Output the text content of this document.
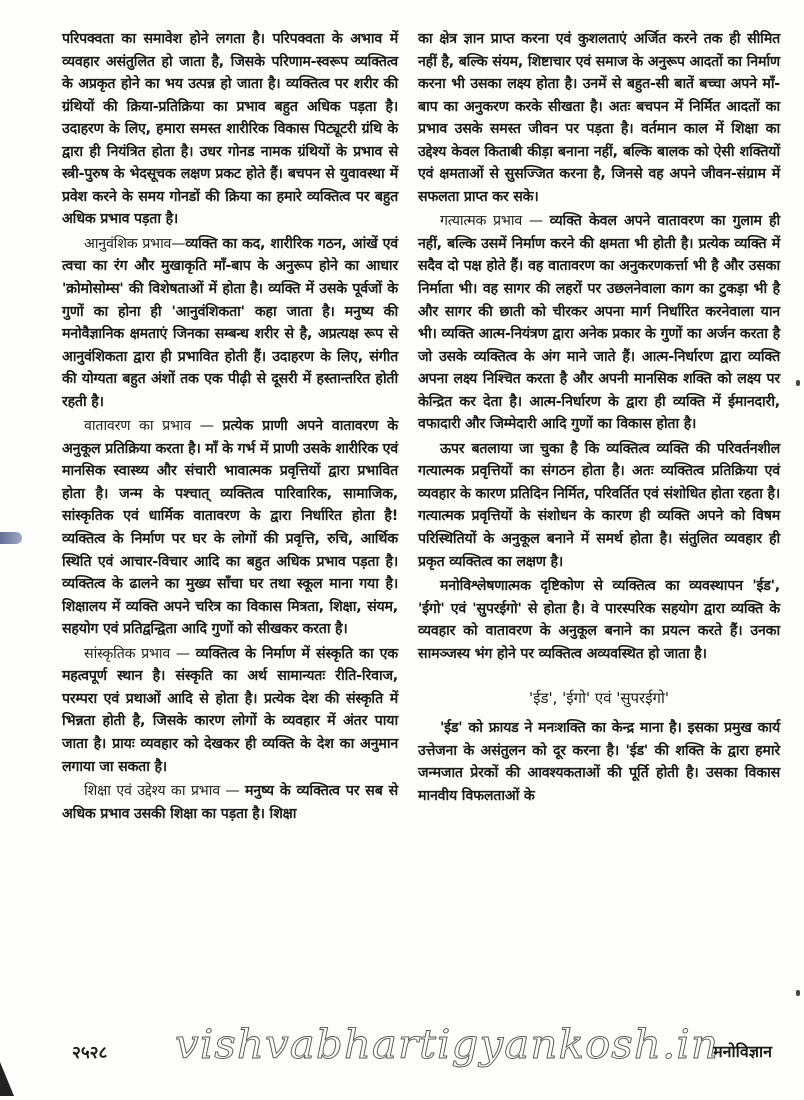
परिपक्वता का समावेश होने लगता है। परिपक्वता के अभाव में व्यवहार असंतुलित हो जाता है, जिसके परिणाम-स्वरूप व्यक्तित्व के अप्रकृत होने का भय उत्पन्न हो जाता है। व्यक्तित्व पर शरीर की ग्रंथियों की क्रिया-प्रतिक्रिया का प्रभाव बहुत अधिक पड़ता है। उदाहरण के लिए, हमारा समस्त शारीरिक विकास पिट्यूटरी ग्रंथि के द्वारा ही नियंत्रित होता है। उधर गोनड नामक ग्रंथियों के प्रभाव से स्त्री-पुरुष के भेदसूचक लक्षण प्रकट होते हैं। बचपन से युवावस्था में प्रवेश करने के समय गोनडों की क्रिया का हमारे व्यक्तित्व पर बहुत अधिक प्रभाव पड़ता है।

आनुवंशिक प्रभाव—व्यक्ति का कद, शारीरिक गठन, आंखें एवं त्वचा का रंग और मुखाकृति माँ-बाप के अनुरूप होने का आधार 'क्रोमोसोम्स' की विशेषताओं में होता है। व्यक्ति में उसके पूर्वजों के गुणों का होना ही 'आनुवंशिकता' कहा जाता है। मनुष्य की मनोवैज्ञानिक क्षमताएं जिनका सम्बन्ध शरीर से है, अप्रत्यक्ष रूप से आनुवंशिकता द्वारा ही प्रभावित होती हैं। उदाहरण के लिए, संगीत की योग्यता बहुत अंशों तक एक पीढ़ी से दूसरी में हस्तान्तरित होती रहती है।

वातावरण का प्रभाव — प्रत्येक प्राणी अपने वातावरण के अनुकूल प्रतिक्रिया करता है। माँ के गर्भ में प्राणी उसके शारीरिक एवं मानसिक स्वास्थ्य और संचारी भावात्मक प्रवृत्तियों द्वारा प्रभावित होता है। जन्म के पश्चात् व्यक्तित्व पारिवारिक, सामाजिक, सांस्कृतिक एवं धार्मिक वातावरण के द्वारा निर्धारित होता है! व्यक्तित्व के निर्माण पर घर के लोगों की प्रवृत्ति, रुचि, आर्थिक स्थिति एवं आचार-विचार आदि का बहुत अधिक प्रभाव पड़ता है। व्यक्तित्व के ढालने का मुख्य साँचा घर तथा स्कूल माना गया है। शिक्षालय में व्यक्ति अपने चरित्र का विकास मित्रता, शिक्षा, संयम, सहयोग एवं प्रतिद्वन्द्विता आदि गुणों को सीखकर करता है।

सांस्कृतिक प्रभाव — व्यक्तित्व के निर्माण में संस्कृति का एक महत्वपूर्ण स्थान है। संस्कृति का अर्थ सामान्यतः रीति-रिवाज, परम्परा एवं प्रथाओं आदि से होता है। प्रत्येक देश की संस्कृति में भिन्नता होती है, जिसके कारण लोगों के व्यवहार में अंतर पाया जाता है। प्रायः व्यवहार को देखकर ही व्यक्ति के देश का अनुमान लगाया जा सकता है।

शिक्षा एवं उद्देश्य का प्रभाव — मनुष्य के व्यक्तित्व पर सब से अधिक प्रभाव उसकी शिक्षा का पड़ता है। शिक्षा

का क्षेत्र ज्ञान प्राप्त करना एवं कुशलताएं अर्जित करने तक ही सीमित नहीं है, बल्कि संयम, शिष्टाचार एवं समाज के अनुरूप आदतों का निर्माण करना भी उसका लक्ष्य होता है। उनमें से बहुत-सी बातें बच्चा अपने माँ-बाप का अनुकरण करके सीखता है। अतः बचपन में निर्मित आदतों का प्रभाव उसके समस्त जीवन पर पड़ता है। वर्तमान काल में शिक्षा का उद्देश्य केवल किताबी कीड़ा बनाना नहीं, बल्कि बालक को ऐसी शक्तियों एवं क्षमताओं से सुसज्जित करना है, जिनसे वह अपने जीवन-संग्राम में सफलता प्राप्त कर सके।

गत्यात्मक प्रभाव — व्यक्ति केवल अपने वातावरण का गुलाम ही नहीं, बल्कि उसमें निर्माण करने की क्षमता भी होती है। प्रत्येक व्यक्ति में सदैव दो पक्ष होते हैं। वह वातावरण का अनुकरणकर्त्ता भी है और उसका निर्माता भी। वह सागर की लहरों पर उछलनेवाला काग का टुकड़ा भी है और सागर की छाती को चीरकर अपना मार्ग निर्धारित करनेवाला यान भी। व्यक्ति आत्म-नियंत्रण द्वारा अनेक प्रकार के गुणों का अर्जन करता है जो उसके व्यक्तित्व के अंग माने जाते हैं। आत्म-निर्धारण द्वारा व्यक्ति अपना लक्ष्य निश्चित करता है और अपनी मानसिक शक्ति को लक्ष्य पर केन्द्रित कर देता है। आत्म-निर्धारण के द्वारा ही व्यक्ति में ईमानदारी, वफादारी और जिम्मेदारी आदि गुणों का विकास होता है।

ऊपर बतलाया जा चुका है कि व्यक्तित्व व्यक्ति की परिवर्तनशील गत्यात्मक प्रवृत्तियों का संगठन होता है। अतः व्यक्तित्व प्रतिक्रिया एवं व्यवहार के कारण प्रतिदिन निर्मित, परिवर्तित एवं संशोधित होता रहता है। गत्यात्मक प्रवृत्तियों के संशोधन के कारण ही व्यक्ति अपने को विषम परिस्थितियों के अनुकूल बनाने में समर्थ होता है। संतुलित व्यवहार ही प्रकृत व्यक्तित्व का लक्षण है।

मनोविश्लेषणात्मक दृष्टिकोण से व्यक्तित्व का व्यवस्थापन 'ईड', 'ईगो' एवं 'सुपरईगो' से होता है। वे पारस्परिक सहयोग द्वारा व्यक्ति के व्यवहार को वातावरण के अनुकूल बनाने का प्रयत्न करते हैं। उनका सामञ्जस्य भंग होने पर व्यक्तित्व अव्यवस्थित हो जाता है।

'ईड', 'ईगो' एवं 'सुपरईगो'

'ईड' को फ्रायड ने मनःशक्ति का केन्द्र माना है। इसका प्रमुख कार्य उत्तेजना के असंतुलन को दूर करना है। 'ईड' की शक्ति के द्वारा हमारे जन्मजात प्रेरकों की आवश्यकताओं की पूर्ति होती है। उसका विकास मानवीय विफलताओं के

vishvabhartigyankosh.in
२५२८	मनोविज्ञान
